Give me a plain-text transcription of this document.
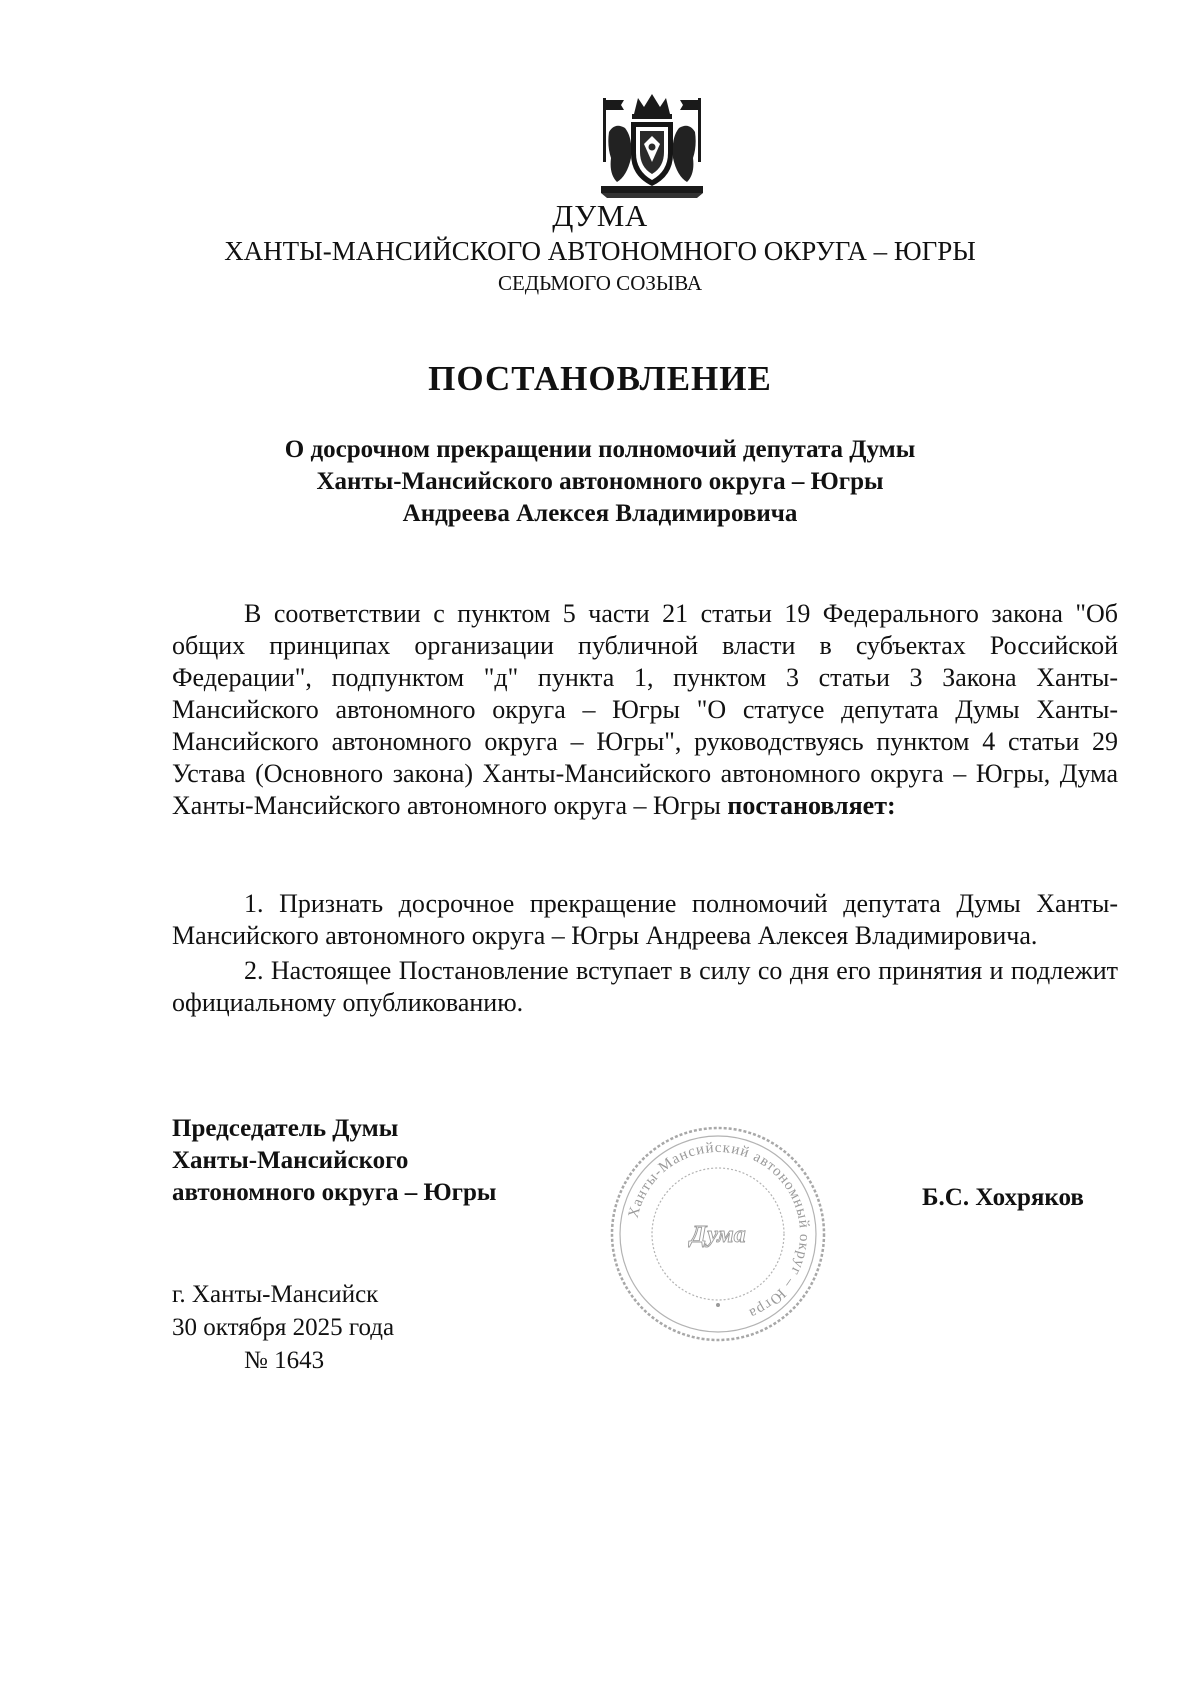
ДУМА
ХАНТЫ-МАНСИЙСКОГО АВТОНОМНОГО ОКРУГА – ЮГРЫ
СЕДЬМОГО СОЗЫВА
ПОСТАНОВЛЕНИЕ
О досрочном прекращении полномочий депутата Думы
Ханты-Мансийского автономного округа – Югры
Андреева Алексея Владимировича
В соответствии с пунктом 5 части 21 статьи 19 Федерального закона "Об общих принципах организации публичной власти в субъектах Российской Федерации", подпунктом "д" пункта 1, пунктом 3 статьи 3 Закона Ханты-Мансийского автономного округа – Югры "О статусе депутата Думы Ханты-Мансийского автономного округа – Югры", руководствуясь пунктом 4 статьи 29 Устава (Основного закона) Ханты-Мансийского автономного округа – Югры, Дума Ханты-Мансийского автономного округа – Югры постановляет:
1. Признать досрочное прекращение полномочий депутата Думы Ханты-Мансийского автономного округа – Югры Андреева Алексея Владимировича.
2. Настоящее Постановление вступает в силу со дня его принятия и подлежит официальному опубликованию.
Председатель Думы
Ханты-Мансийского
автономного округа – Югры
Ханты-Мансийский автономный округ – Югра
Дума
Б.С. Хохряков
г. Ханты-Мансийск
30 октября 2025 года
№ 1643
